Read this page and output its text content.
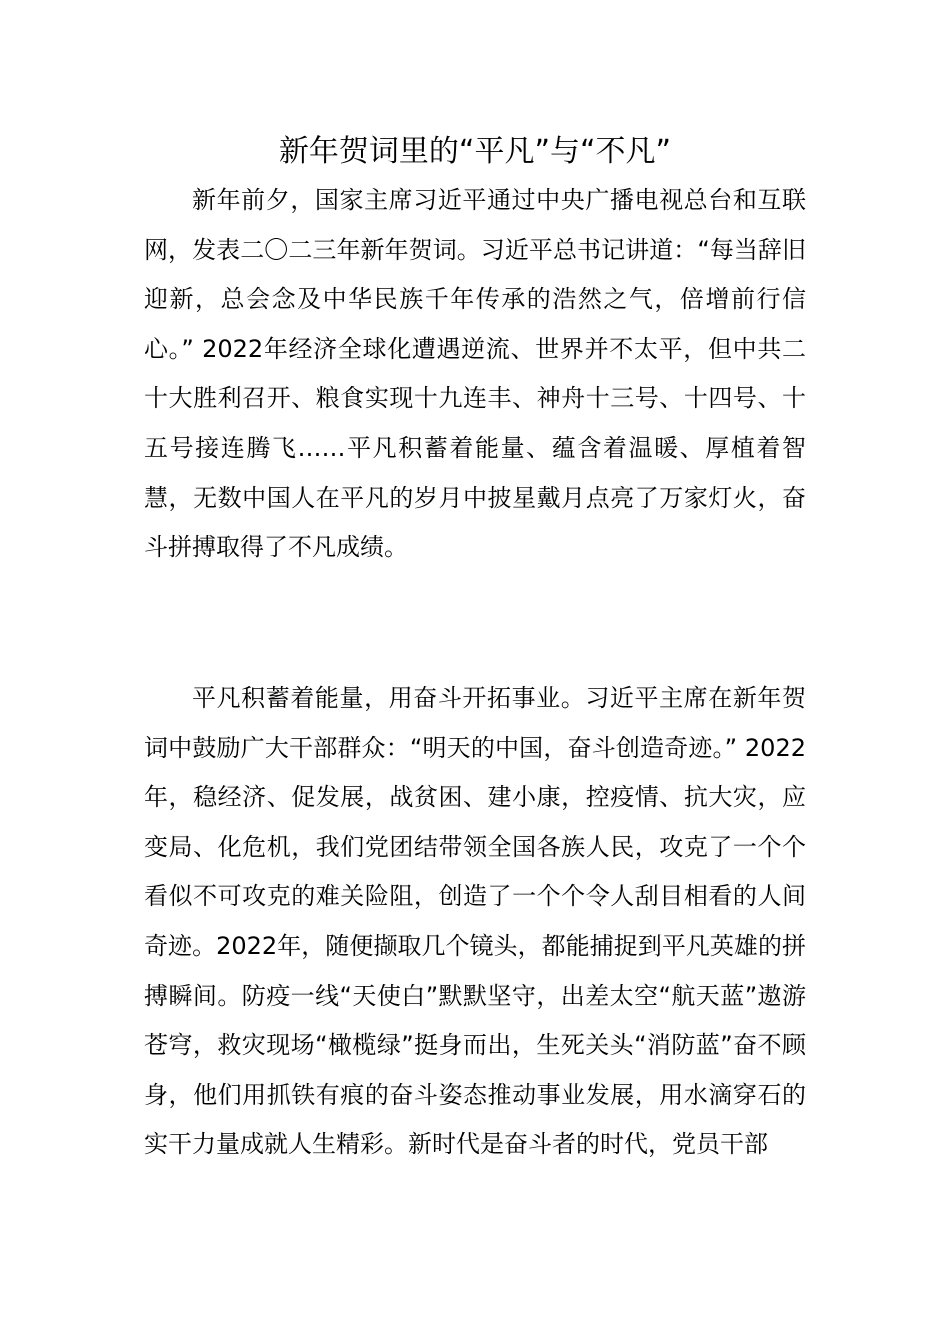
新年贺词里的“平凡”与“不凡”

新年前夕，国家主席习近平通过中央广播电视总台和互联网，发表二〇二三年新年贺词。习近平总书记讲道：“每当辞旧迎新，总会念及中华民族千年传承的浩然之气，倍增前行信心。” 2022年经济全球化遭遇逆流、世界并不太平，但中共二十大胜利召开、粮食实现十九连丰、神舟十三号、十四号、十五号接连腾飞……平凡积蓄着能量、蕴含着温暖、厚植着智慧，无数中国人在平凡的岁月中披星戴月点亮了万家灯火，奋斗拼搏取得了不凡成绩。

平凡积蓄着能量，用奋斗开拓事业。习近平主席在新年贺词中鼓励广大干部群众：“明天的中国，奋斗创造奇迹。” 2022年，稳经济、促发展，战贫困、建小康，控疫情、抗大灾，应变局、化危机，我们党团结带领全国各族人民，攻克了一个个看似不可攻克的难关险阻，创造了一个个令人刮目相看的人间奇迹。2022年，随便撷取几个镜头，都能捕捉到平凡英雄的拼搏瞬间。防疫一线“天使白”默默坚守，出差太空“航天蓝”遨游苍穹，救灾现场“橄榄绿”挺身而出，生死关头“消防蓝”奋不顾身，他们用抓铁有痕的奋斗姿态推动事业发展，用水滴穿石的实干力量成就人生精彩。新时代是奋斗者的时代，党员干部
